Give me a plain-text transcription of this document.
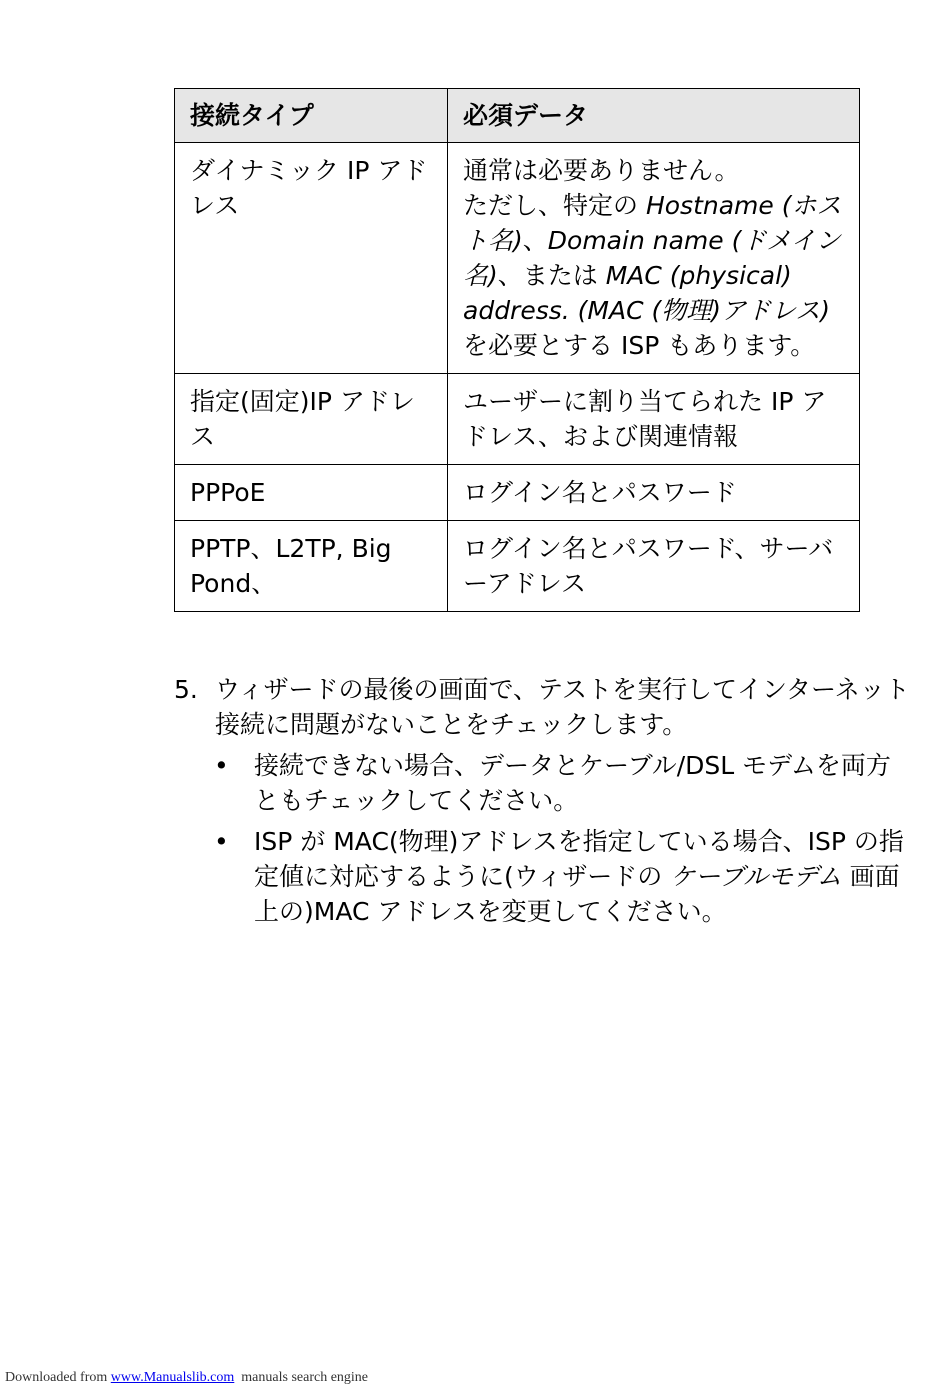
接続タイプ	必須データ
ダイナミック IP アドレス	通常は必要ありません。
ただし、特定の Hostname (ホスト名)、Domain name (ドメイン名)、または MAC (physical) address. (MAC (物理)アドレス)を必要とする ISP もあります。
指定(固定)IP アドレス	ユーザーに割り当てられた IP アドレス、および関連情報
PPPoE	ログイン名とパスワード
PPTP、L2TP, Big Pond、	ログイン名とパスワード、サーバーアドレス
5. ウィザードの最後の画面で、テストを実行してインターネット接続に問題がないことをチェックします。
• 接続できない場合、データとケーブル/DSL モデムを両方ともチェックしてください。
• ISP が MAC(物理)アドレスを指定している場合、ISP の指定値に対応するように(ウィザードの ケーブルモデム 画面上の)MAC アドレスを変更してください。
Downloaded from www.Manualslib.com  manuals search engine
